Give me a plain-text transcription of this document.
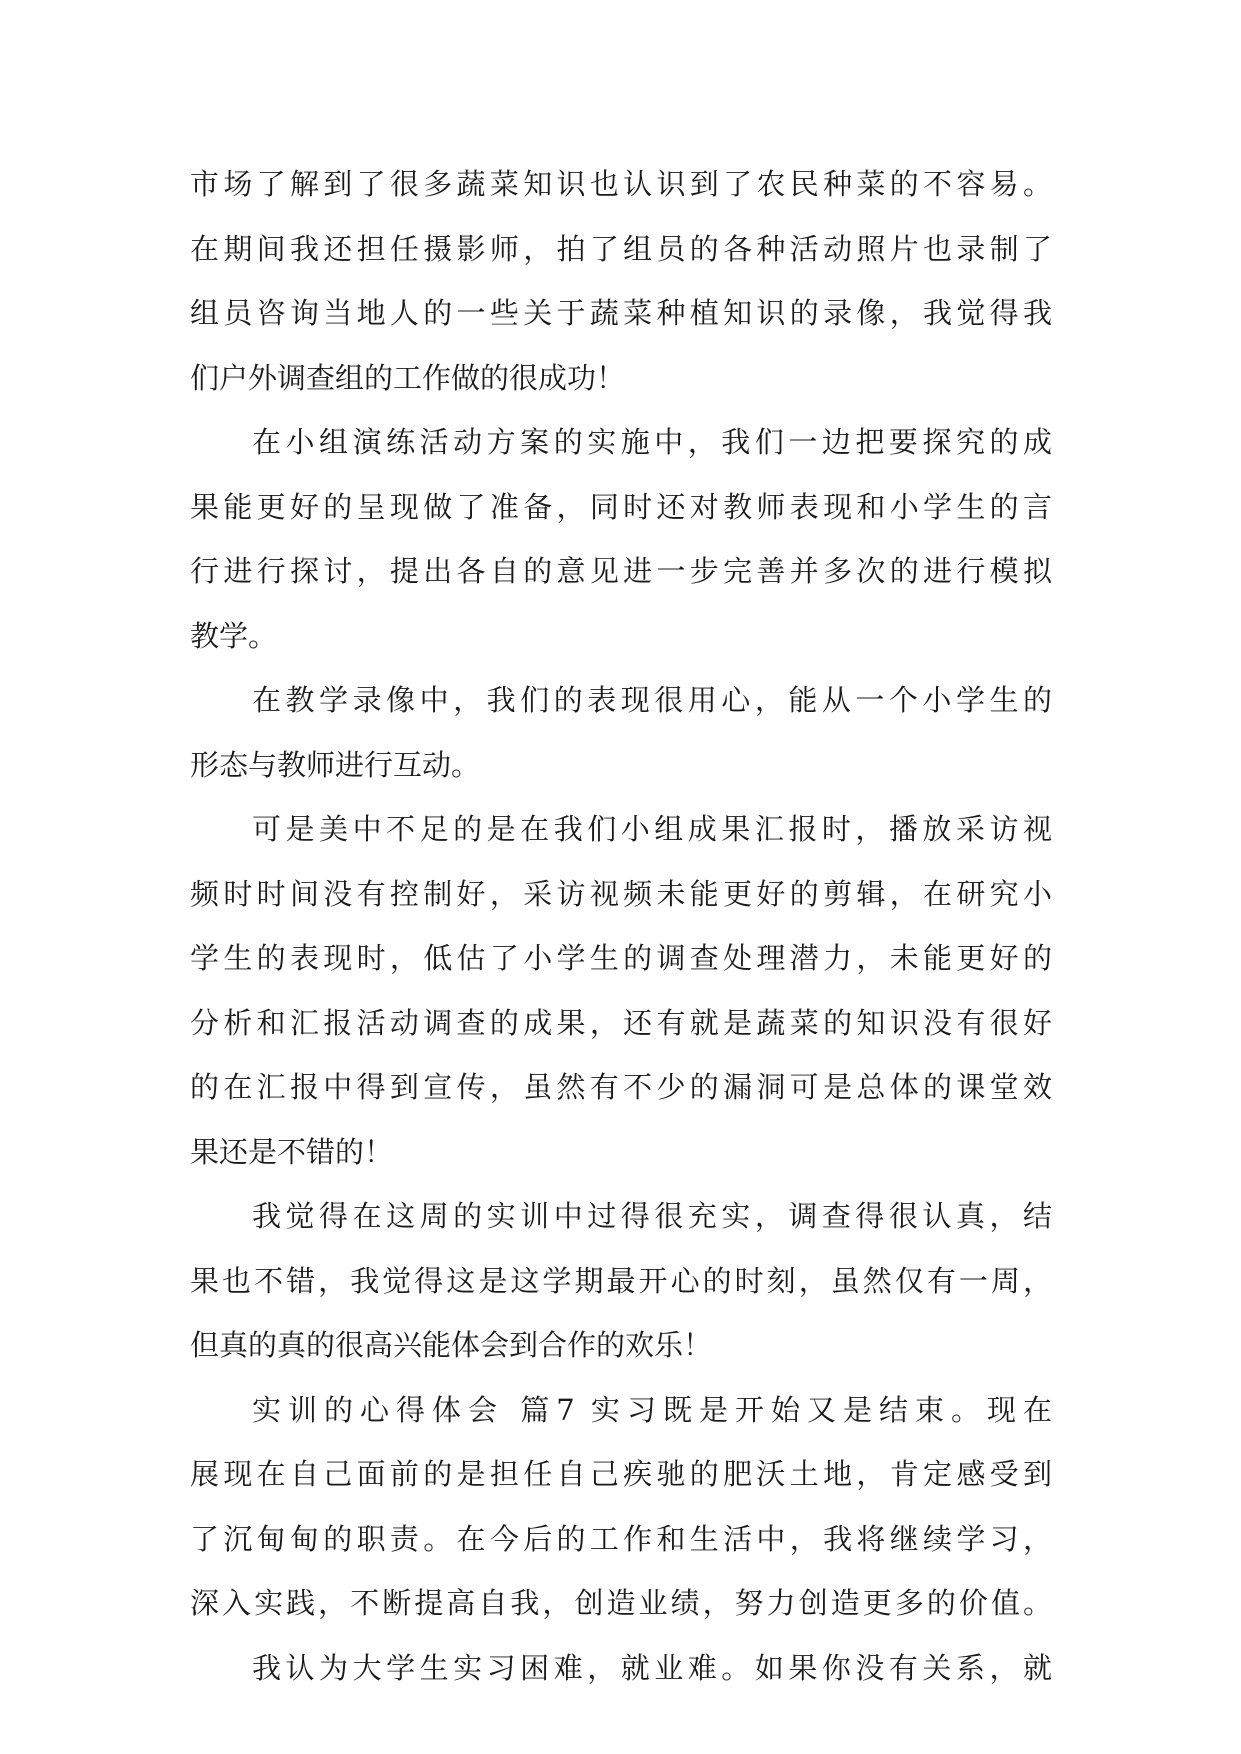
市场了解到了很多蔬菜知识也认识到了农民种菜的不容易。
在期间我还担任摄影师，拍了组员的各种活动照片也录制了
组员咨询当地人的一些关于蔬菜种植知识的录像，我觉得我
们户外调查组的工作做的很成功！
在小组演练活动方案的实施中，我们一边把要探究的成
果能更好的呈现做了准备，同时还对教师表现和小学生的言
行进行探讨，提出各自的意见进一步完善并多次的进行模拟
教学。
在教学录像中，我们的表现很用心，能从一个小学生的
形态与教师进行互动。
可是美中不足的是在我们小组成果汇报时，播放采访视
频时时间没有控制好，采访视频未能更好的剪辑，在研究小
学生的表现时，低估了小学生的调查处理潜力，未能更好的
分析和汇报活动调查的成果，还有就是蔬菜的知识没有很好
的在汇报中得到宣传，虽然有不少的漏洞可是总体的课堂效
果还是不错的！
我觉得在这周的实训中过得很充实，调查得很认真，结
果也不错，我觉得这是这学期最开心的时刻，虽然仅有一周，
但真的真的很高兴能体会到合作的欢乐！
实训的心得体会 篇7 实习既是开始又是结束。现在
展现在自己面前的是担任自己疾驰的肥沃土地，肯定感受到
了沉甸甸的职责。在今后的工作和生活中，我将继续学习，
深入实践，不断提高自我，创造业绩，努力创造更多的价值。
我认为大学生实习困难，就业难。如果你没有关系，就
